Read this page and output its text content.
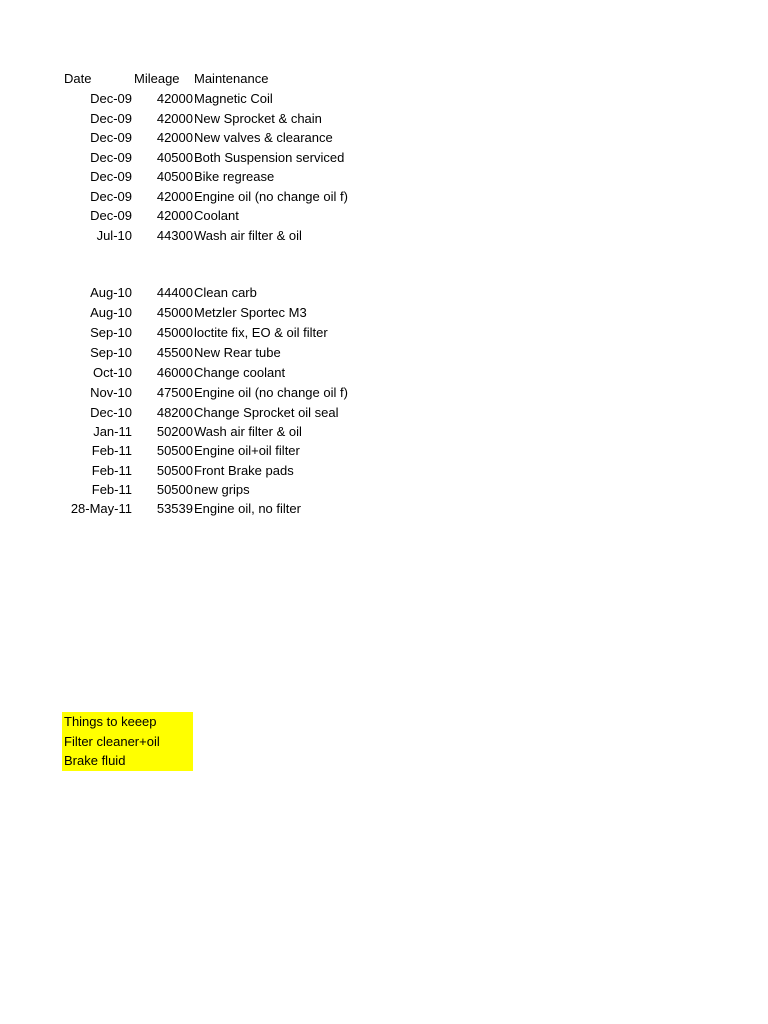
Date	Mileage Maintenance
Dec-09	42000 Magnetic Coil
Dec-09	42000 New Sprocket & chain
Dec-09	42000 New valves & clearance
Dec-09	40500 Both Suspension serviced
Dec-09	40500 Bike regrease
Dec-09	42000 Engine oil (no change oil f)
Dec-09	42000 Coolant
Jul-10	44300 Wash air filter & oil
Aug-10	44400 Clean carb
Aug-10	45000 Metzler Sportec M3
Sep-10	45000 loctite fix, EO & oil filter
Sep-10	45500 New Rear tube
Oct-10	46000 Change coolant
Nov-10	47500 Engine oil (no change oil f)
Dec-10	48200 Change Sprocket oil seal
Jan-11	50200 Wash air filter & oil
Feb-11	50500 Engine oil+oil filter
Feb-11	50500 Front Brake pads
Feb-11	50500 new grips
28-May-11	53539 Engine oil, no filter
Things to keeep
Filter cleaner+oil
Brake fluid
